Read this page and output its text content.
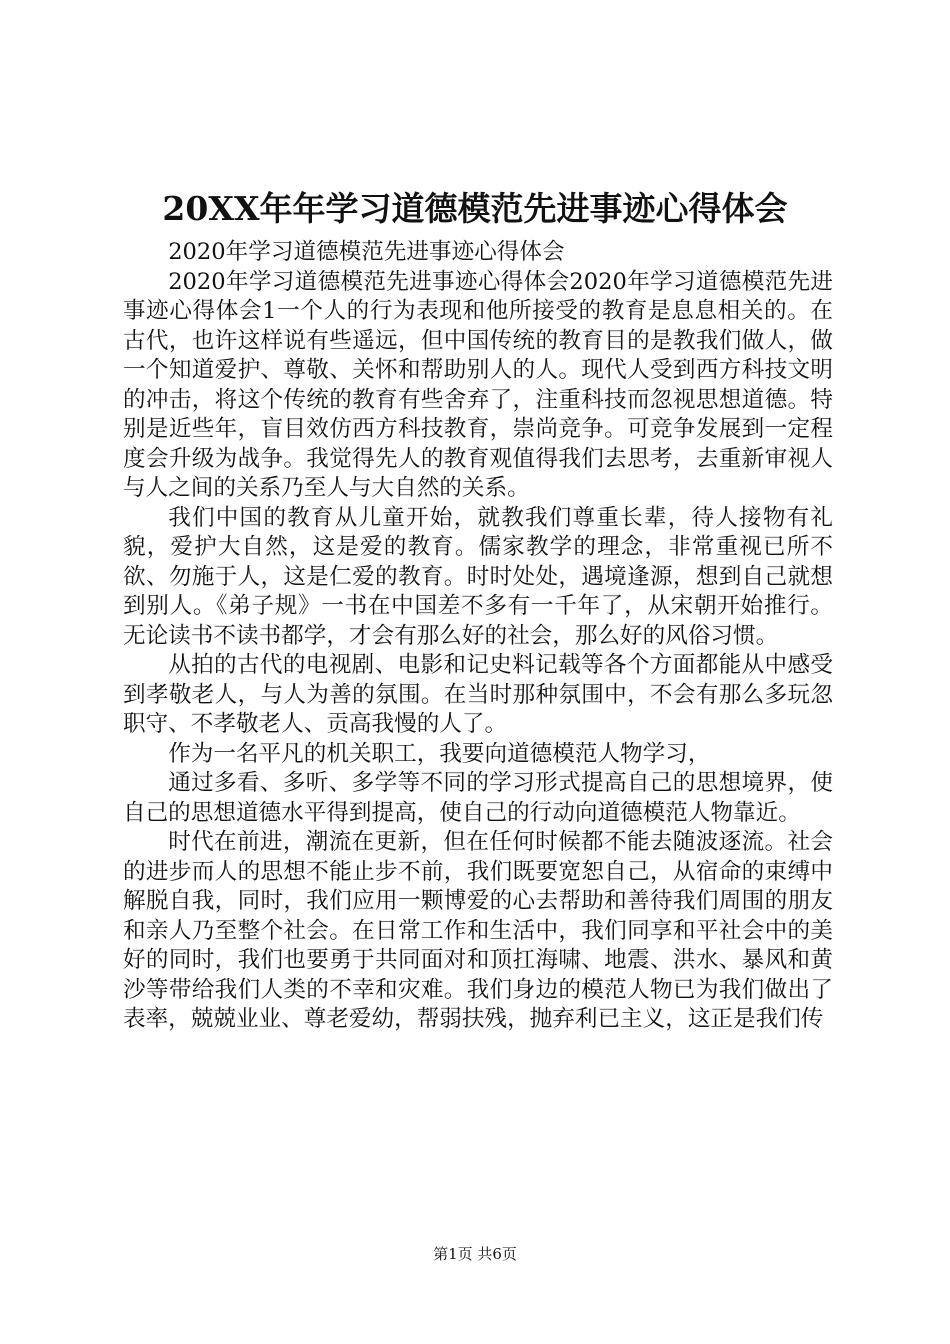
20XX年年学习道德模范先进事迹心得体会

2020年学习道德模范先进事迹心得体会

2020年学习道德模范先进事迹心得体会2020年学习道德模范先进事迹心得体会1一个人的行为表现和他所接受的教育是息息相关的。在古代，也许这样说有些遥远，但中国传统的教育目的是教我们做人，做一个知道爱护、尊敬、关怀和帮助别人的人。现代人受到西方科技文明的冲击，将这个传统的教育有些舍弃了，注重科技而忽视思想道德。特别是近些年，盲目效仿西方科技教育，崇尚竞争。可竞争发展到一定程度会升级为战争。我觉得先人的教育观值得我们去思考，去重新审视人与人之间的关系乃至人与大自然的关系。

我们中国的教育从儿童开始，就教我们尊重长辈，待人接物有礼貌，爱护大自然，这是爱的教育。儒家教学的理念，非常重视已所不欲、勿施于人，这是仁爱的教育。时时处处，遇境逢源，想到自己就想到别人。《弟子规》一书在中国差不多有一千年了，从宋朝开始推行。无论读书不读书都学，才会有那么好的社会，那么好的风俗习惯。

从拍的古代的电视剧、电影和记史料记载等各个方面都能从中感受到孝敬老人，与人为善的氛围。在当时那种氛围中，不会有那么多玩忽职守、不孝敬老人、贡高我慢的人了。

作为一名平凡的机关职工，我要向道德模范人物学习，

通过多看、多听、多学等不同的学习形式提高自己的思想境界，使自己的思想道德水平得到提高，使自己的行动向道德模范人物靠近。

时代在前进，潮流在更新，但在任何时候都不能去随波逐流。社会的进步而人的思想不能止步不前，我们既要宽恕自己，从宿命的束缚中解脱自我，同时，我们应用一颗博爱的心去帮助和善待我们周围的朋友和亲人乃至整个社会。在日常工作和生活中，我们同享和平社会中的美好的同时，我们也要勇于共同面对和顶扛海啸、地震、洪水、暴风和黄沙等带给我们人类的不幸和灾难。我们身边的模范人物已为我们做出了表率，兢兢业业、尊老爱幼，帮弱扶残，抛弃利已主义，这正是我们传

第1页 共6页
